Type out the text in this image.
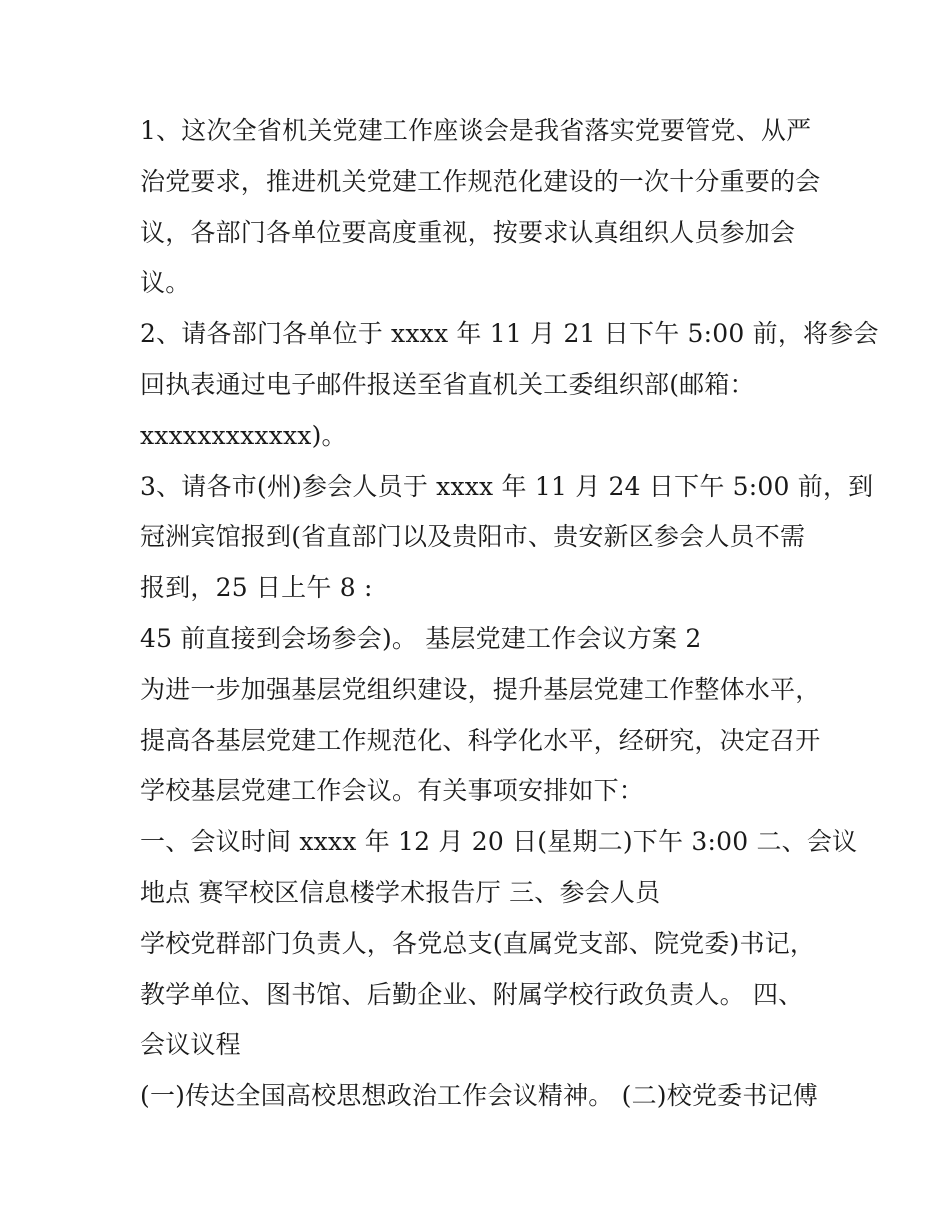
1、这次全省机关党建工作座谈会是我省落实党要管党、从严
治党要求，推进机关党建工作规范化建设的一次十分重要的会
议，各部门各单位要高度重视，按要求认真组织人员参加会
议。
2、请各部门各单位于 xxxx 年 11 月 21 日下午 5:00 前，将参会
回执表通过电子邮件报送至省直机关工委组织部(邮箱：
xxxxxxxxxxxx)。
3、请各市(州)参会人员于 xxxx 年 11 月 24 日下午 5:00 前，到
冠洲宾馆报到(省直部门以及贵阳市、贵安新区参会人员不需
报到，25 日上午 8 :
45 前直接到会场参会)。 基层党建工作会议方案 2
为进一步加强基层党组织建设，提升基层党建工作整体水平，
提高各基层党建工作规范化、科学化水平，经研究，决定召开
学校基层党建工作会议。有关事项安排如下：
一、会议时间 xxxx 年 12 月 20 日(星期二)下午 3:00 二、会议
地点 赛罕校区信息楼学术报告厅 三、参会人员
学校党群部门负责人，各党总支(直属党支部、院党委)书记，
教学单位、图书馆、后勤企业、附属学校行政负责人。 四、
会议议程
(一)传达全国高校思想政治工作会议精神。 (二)校党委书记傅
